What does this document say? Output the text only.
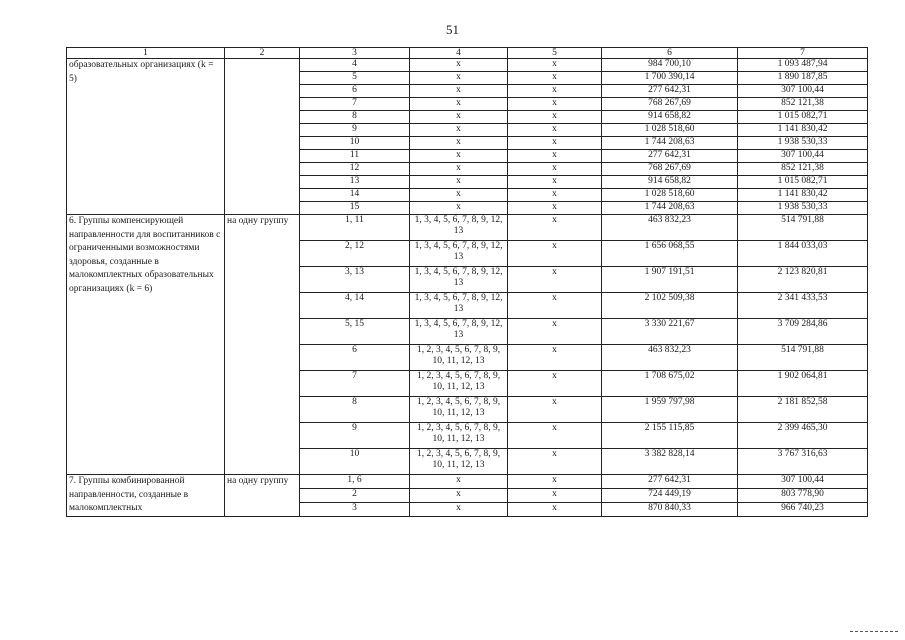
51
1	2	3	4	5	6	7
образовательных организациях (k = 5)		4	x	x	984 700,10	1 093 487,94
		5	x	x	1 700 390,14	1 890 187,85
		6	x	x	277 642,31	307 100,44
		7	x	x	768 267,69	852 121,38
		8	x	x	914 658,82	1 015 082,71
		9	x	x	1 028 518,60	1 141 830,42
		10	x	x	1 744 208,63	1 938 530,33
		11	x	x	277 642,31	307 100,44
		12	x	x	768 267,69	852 121,38
		13	x	x	914 658,82	1 015 082,71
		14	x	x	1 028 518,60	1 141 830,42
		15	x	x	1 744 208,63	1 938 530,33
6. Группы компенсирующей направленности для воспитанников с ограниченными возможностями здоровья, созданные в малокомплектных образовательных организациях (k = 6)	на одну группу	1, 11	1, 3, 4, 5, 6, 7, 8, 9, 12, 13	x	463 832,23	514 791,88
		2, 12	1, 3, 4, 5, 6, 7, 8, 9, 12, 13	x	1 656 068,55	1 844 033,03
		3, 13	1, 3, 4, 5, 6, 7, 8, 9, 12, 13	x	1 907 191,51	2 123 820,81
		4, 14	1, 3, 4, 5, 6, 7, 8, 9, 12, 13	x	2 102 509,38	2 341 433,53
		5, 15	1, 3, 4, 5, 6, 7, 8, 9, 12, 13	x	3 330 221,67	3 709 284,86
		6	1, 2, 3, 4, 5, 6, 7, 8, 9, 10, 11, 12, 13	x	463 832,23	514 791,88
		7	1, 2, 3, 4, 5, 6, 7, 8, 9, 10, 11, 12, 13	x	1 708 675,02	1 902 064,81
		8	1, 2, 3, 4, 5, 6, 7, 8, 9, 10, 11, 12, 13	x	1 959 797,98	2 181 852,58
		9	1, 2, 3, 4, 5, 6, 7, 8, 9, 10, 11, 12, 13	x	2 155 115,85	2 399 465,30
		10	1, 2, 3, 4, 5, 6, 7, 8, 9, 10, 11, 12, 13	x	3 382 828,14	3 767 316,63
7. Группы комбинированной направленности, созданные в малокомплектных	на одну группу	1, 6	x	x	277 642,31	307 100,44
		2	x	x	724 449,19	803 778,90
		3	x	x	870 840,33	966 740,23
